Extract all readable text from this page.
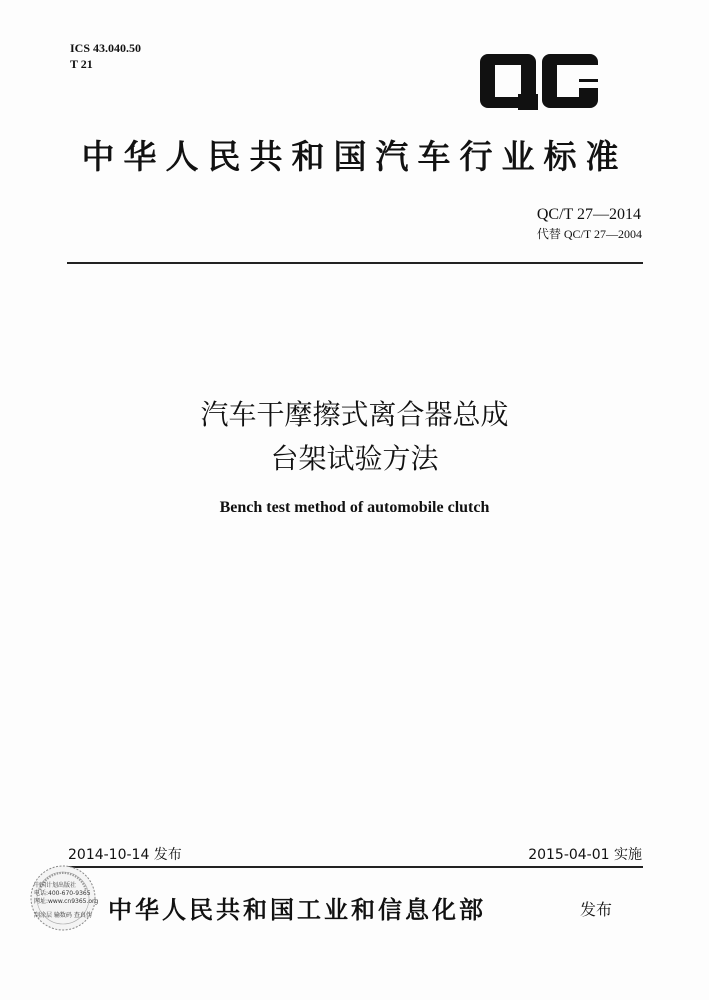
ICS 43.040.50
T 21
中华人民共和国汽车行业标准
QC/T 27—2014
代替 QC/T 27—2004
汽车干摩擦式离合器总成
台架试验方法
Bench test method of automobile clutch
2014-10-14 发布	2015-04-01 实施
中国计划出版社
电话:400-670-9365
网址:www.cn9365.org
刮涂层 输数码 查真伪 中华人民共和国工业和信息化部	发布
